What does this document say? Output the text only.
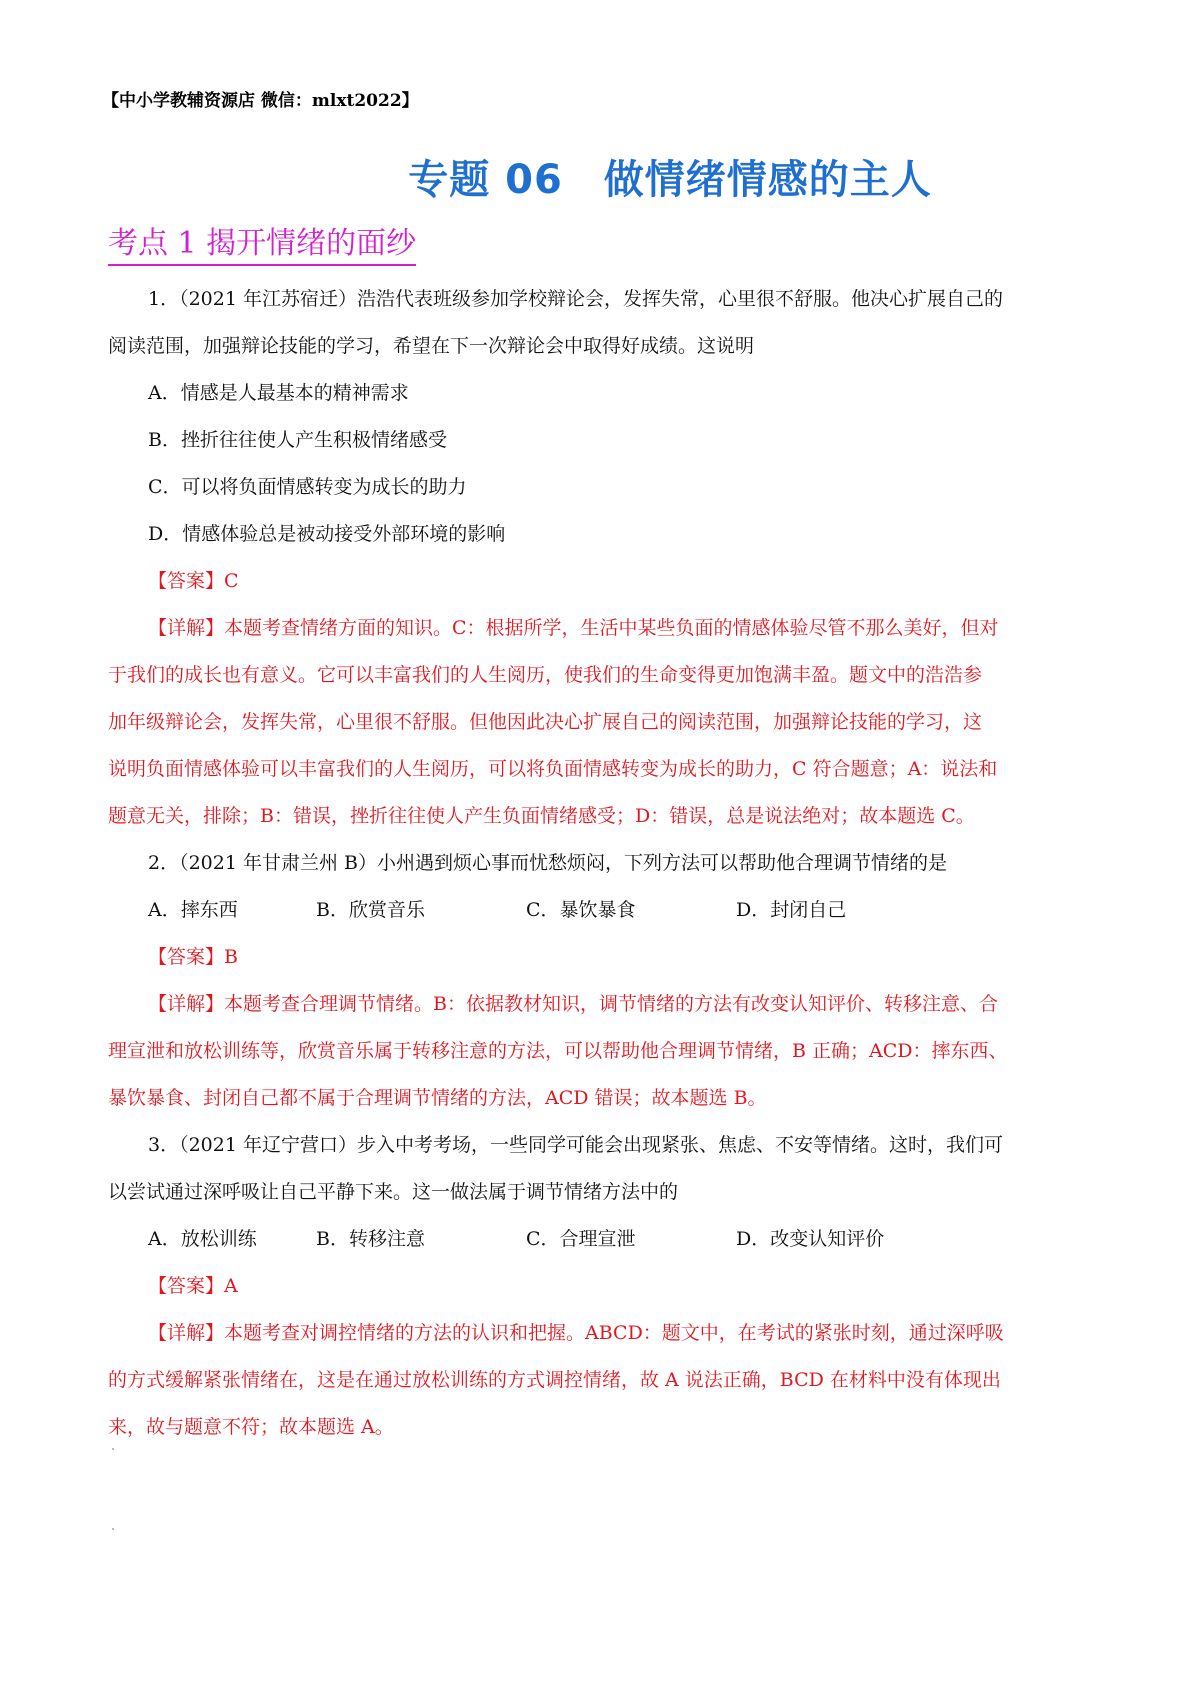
【中小学教辅资源店 微信：mlxt2022】
专题 06　做情绪情感的主人
考点 1 揭开情绪的面纱

1．（2021 年江苏宿迁）浩浩代表班级参加学校辩论会，发挥失常，心里很不舒服。他决心扩展自己的

阅读范围，加强辩论技能的学习，希望在下一次辩论会中取得好成绩。这说明

A．情感是人最基本的精神需求

B．挫折往往使人产生积极情绪感受

C．可以将负面情感转变为成长的助力

D．情感体验总是被动接受外部环境的影响

【答案】C

【详解】本题考查情绪方面的知识。C：根据所学，生活中某些负面的情感体验尽管不那么美好，但对

于我们的成长也有意义。它可以丰富我们的人生阅历，使我们的生命变得更加饱满丰盈。题文中的浩浩参

加年级辩论会，发挥失常，心里很不舒服。但他因此决心扩展自己的阅读范围，加强辩论技能的学习，这

说明负面情感体验可以丰富我们的人生阅历，可以将负面情感转变为成长的助力，C 符合题意；A：说法和

题意无关，排除；B：错误，挫折往往使人产生负面情绪感受；D：错误，总是说法绝对；故本题选 C。

2．（2021 年甘肃兰州 B）小州遇到烦心事而忧愁烦闷，下列方法可以帮助他合理调节情绪的是

A．摔东西	B．欣赏音乐	C．暴饮暴食	D．封闭自己

【答案】B

【详解】本题考查合理调节情绪。B：依据教材知识，调节情绪的方法有改变认知评价、转移注意、合

理宣泄和放松训练等，欣赏音乐属于转移注意的方法，可以帮助他合理调节情绪，B 正确；ACD：摔东西、

暴饮暴食、封闭自己都不属于合理调节情绪的方法，ACD 错误；故本题选 B。

3．（2021 年辽宁营口）步入中考考场，一些同学可能会出现紧张、焦虑、不安等情绪。这时，我们可

以尝试通过深呼吸让自己平静下来。这一做法属于调节情绪方法中的

A．放松训练	B．转移注意	C．合理宣泄	D．改变认知评价

【答案】A

【详解】本题考查对调控情绪的方法的认识和把握。ABCD：题文中，在考试的紧张时刻，通过深呼吸

的方式缓解紧张情绪在，这是在通过放松训练的方式调控情绪，故 A 说法正确，BCD 在材料中没有体现出

来，故与题意不符；故本题选 A。
